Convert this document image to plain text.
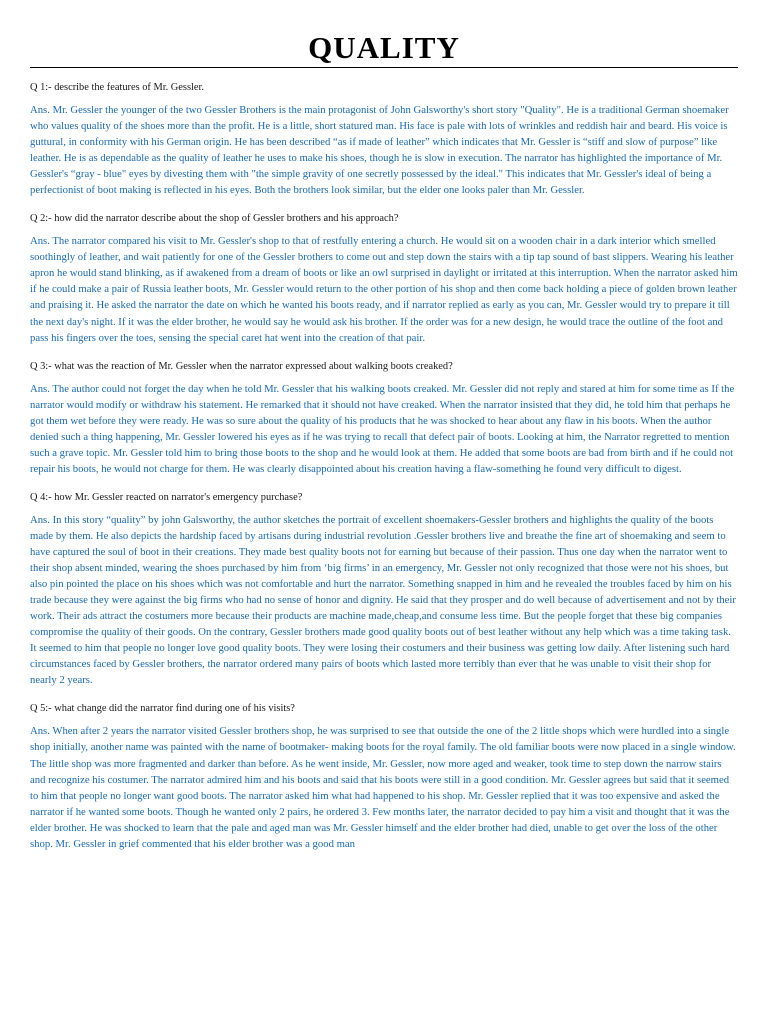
QUALITY

Q 1:- describe the features of Mr. Gessler.

Ans. Mr. Gessler the younger of the two Gessler Brothers is the main protagonist of John Galsworthy's short story "Quality". He is a traditional German shoemaker who values quality of the shoes more than the profit. He is a little, short statured man. His face is pale with lots of wrinkles and reddish hair and beard. His voice is guttural, in conformity with his German origin. He has been described “as if made of leather” which indicates that Mr. Gessler is “stiff and slow of purpose” like leather. He is as dependable as the quality of leather he uses to make his shoes, though he is slow in execution. The narrator has highlighted the importance of Mr. Gessler's “gray - blue" eyes by divesting them with "the simple gravity of one secretly possessed by the ideal." This indicates that Mr. Gessler's ideal of being a perfectionist of boot making is reflected in his eyes. Both the brothers look similar, but the elder one looks paler than Mr. Gessler.

Q 2:- how did the narrator describe about the shop of Gessler brothers and his approach?

Ans. The narrator compared his visit to Mr. Gessler's shop to that of restfully entering a church. He would sit on a wooden chair in a dark interior which smelled soothingly of leather, and wait patiently for one of the Gessler brothers to come out and step down the stairs with a tip tap sound of bast slippers. Wearing his leather apron he would stand blinking, as if awakened from a dream of boots or like an owl surprised in daylight or irritated at this interruption. When the narrator asked him if he could make a pair of Russia leather boots, Mr. Gessler would return to the other portion of his shop and then come back holding a piece of golden brown leather and praising it. He asked the narrator the date on which he wanted his boots ready, and if narrator replied as early as you can, Mr. Gessler would try to prepare it till the next day's night. If it was the elder brother, he would say he would ask his brother. If the order was for a new design, he would trace the outline of the foot and pass his fingers over the toes, sensing the special caret hat went into the creation of that pair.

Q 3:- what was the reaction of Mr. Gessler when the narrator expressed about walking boots creaked?

Ans. The author could not forget the day when he told Mr. Gessler that his walking boots creaked. Mr. Gessler did not reply and stared at him for some time as If the narrator would modify or withdraw his statement. He remarked that it should not have creaked. When the narrator insisted that they did, he told him that perhaps he got them wet before they were ready. He was so sure about the quality of his products that he was shocked to hear about any flaw in his boots. When the author denied such a thing happening, Mr. Gessler lowered his eyes as if he was trying to recall that defect pair of boots. Looking at him, the Narrator regretted to mention such a grave topic. Mr. Gessler told him to bring those boots to the shop and he would look at them. He added that some boots are bad from birth and if he could not repair his boots, he would not charge for them. He was clearly disappointed about his creation having a flaw-something he found very difficult to digest.

Q 4:- how Mr. Gessler reacted on narrator's emergency purchase?

Ans. In this story “quality” by john Galsworthy, the author sketches the portrait of excellent shoemakers-Gessler brothers and highlights the quality of the boots made by them. He also depicts the hardship faced by artisans during industrial revolution .Gessler brothers live and breathe the fine art of shoemaking and seem to have captured the soul of boot in their creations. They made best quality boots not for earning but because of their passion. Thus one day when the narrator went to their shop absent minded, wearing the shoes purchased by him from ‘big firms’ in an emergency, Mr. Gessler not only recognized that those were not his shoes, but also pin pointed the place on his shoes which was not comfortable and hurt the narrator. Something snapped in him and he revealed the troubles faced by him on his trade because they were against the big firms who had no sense of honor and dignity. He said that they prosper and do well because of advertisement and not by their work. Their ads attract the costumers more because their products are machine made,cheap,and consume less time. But the people forget that these big companies compromise the quality of their goods. On the contrary, Gessler brothers made good quality boots out of best leather without any help which was a time taking task. It seemed to him that people no longer love good quality boots. They were losing their costumers and their business was getting low daily. After listening such hard circumstances faced by Gessler brothers, the narrator ordered many pairs of boots which lasted more terribly than ever that he was unable to visit their shop for nearly 2 years.

Q 5:- what change did the narrator find during one of his visits?

Ans. When after 2 years the narrator visited Gessler brothers shop, he was surprised to see that outside the one of the 2 little shops which were hurdled into a single shop initially, another name was painted with the name of bootmaker- making boots for the royal family. The old familiar boots were now placed in a single window. The little shop was more fragmented and darker than before. As he went inside, Mr. Gessler, now more aged and weaker, took time to step down the narrow stairs and recognize his costumer. The narrator admired him and his boots and said that his boots were still in a good condition. Mr. Gessler agrees but said that it seemed to him that people no longer want good boots. The narrator asked him what had happened to his shop. Mr. Gessler replied that it was too expensive and asked the narrator if he wanted some boots. Though he wanted only 2 pairs, he ordered 3. Few months later, the narrator decided to pay him a visit and thought that it was the elder brother. He was shocked to learn that the pale and aged man was Mr. Gessler himself and the elder brother had died, unable to get over the loss of the other shop. Mr. Gessler in grief commented that his elder brother was a good man
